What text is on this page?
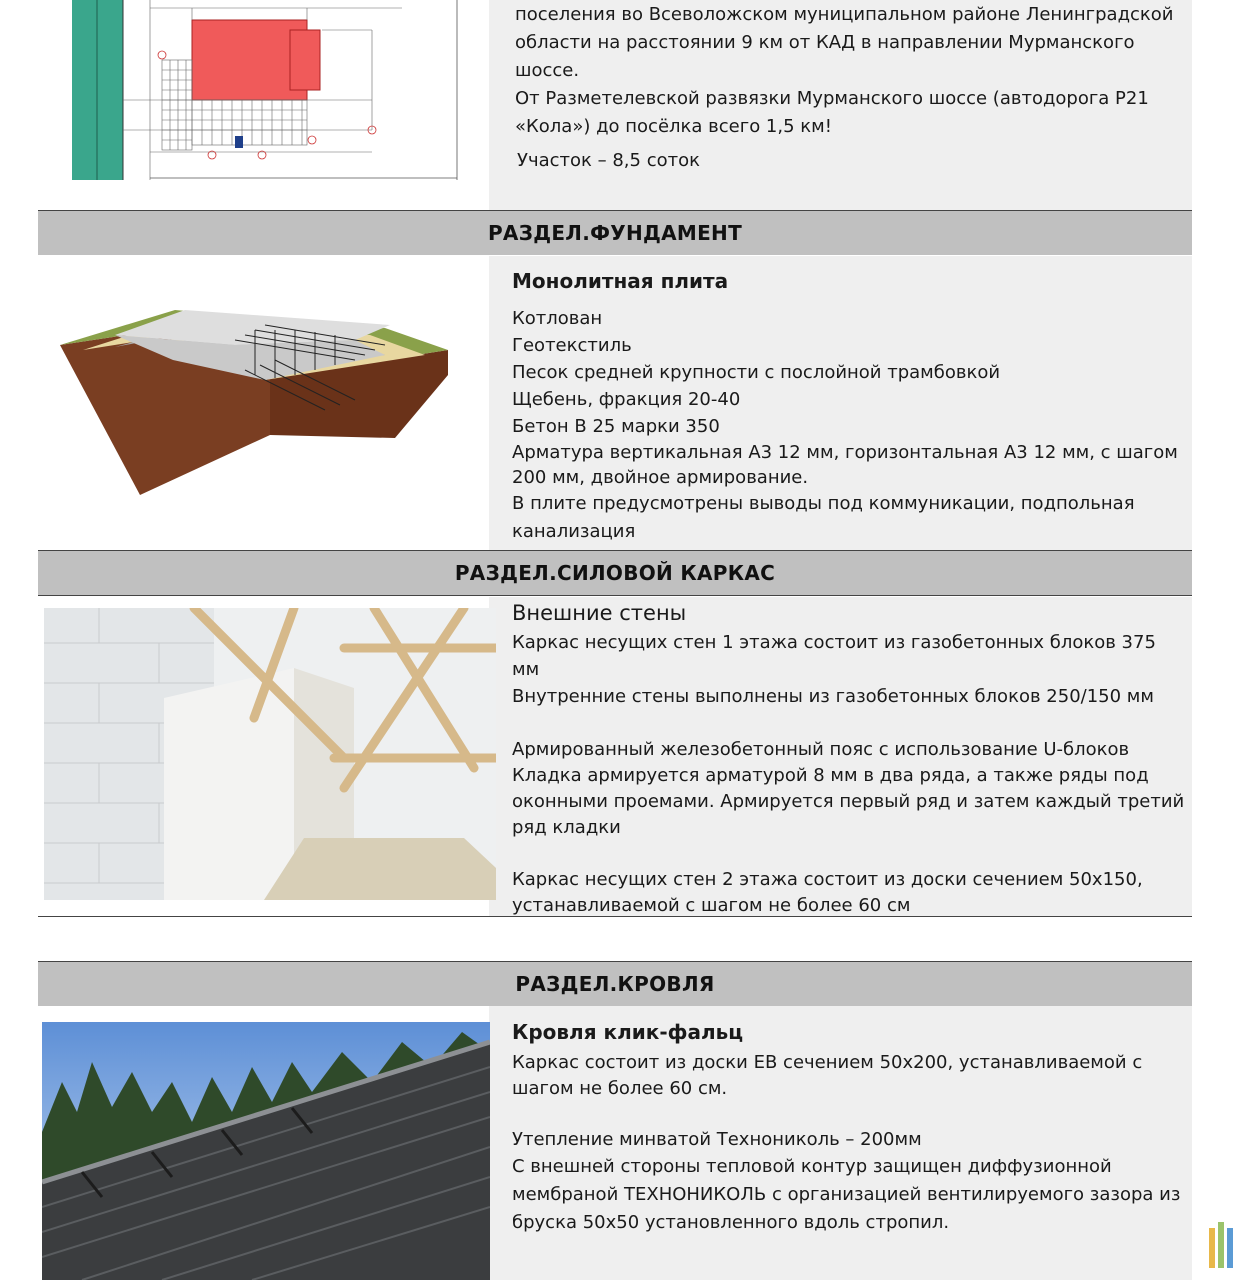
поселения во Всеволожском муниципальном районе Ленинградской

области на расстоянии 9 км от КАД в направлении Мурманского шоссе.

От Разметелевской развязки Мурманского шоссе (автодорога Р21

«Кола») до посёлка всего 1,5 км!

Участок – 8,5 соток
РАЗДЕЛ.ФУНДАМЕНТ

Монолитная плита

Котлован

Геотекстиль

Песок средней крупности с послойной трамбовкой

Щебень, фракция 20-40

Бетон В 25 марки 350

Арматура вертикальная А3 12 мм, горизонтальная А3 12 мм, с шагом 200 мм, двойное армирование.

В плите предусмотрены выводы под коммуникации, подпольная канализация

РАЗДЕЛ.СИЛОВОЙ КАРКАС

Внешние стены

Каркас несущих стен 1 этажа состоит из газобетонных блоков 375 мм

Внутренние стены выполнены из газобетонных блоков 250/150 мм

Армированный железобетонный пояс с использование U-блоков

Кладка армируется арматурой 8 мм в два ряда, а также ряды под оконными проемами. Армируется первый ряд и затем каждый третий ряд кладки

Каркас несущих стен 2 этажа состоит из доски сечением 50х150, устанавливаемой с шагом не более 60 см

РАЗДЕЛ.КРОВЛЯ

Кровля клик-фальц

Каркас состоит из доски ЕВ сечением 50х200, устанавливаемой с шагом не более 60 см.

Утепление минватой Технониколь – 200мм

С внешней стороны тепловой контур защищен диффузионной мембраной ТЕХНОНИКОЛЬ с организацией вентилируемого зазора из бруска 50х50 установленного вдоль стропил.
